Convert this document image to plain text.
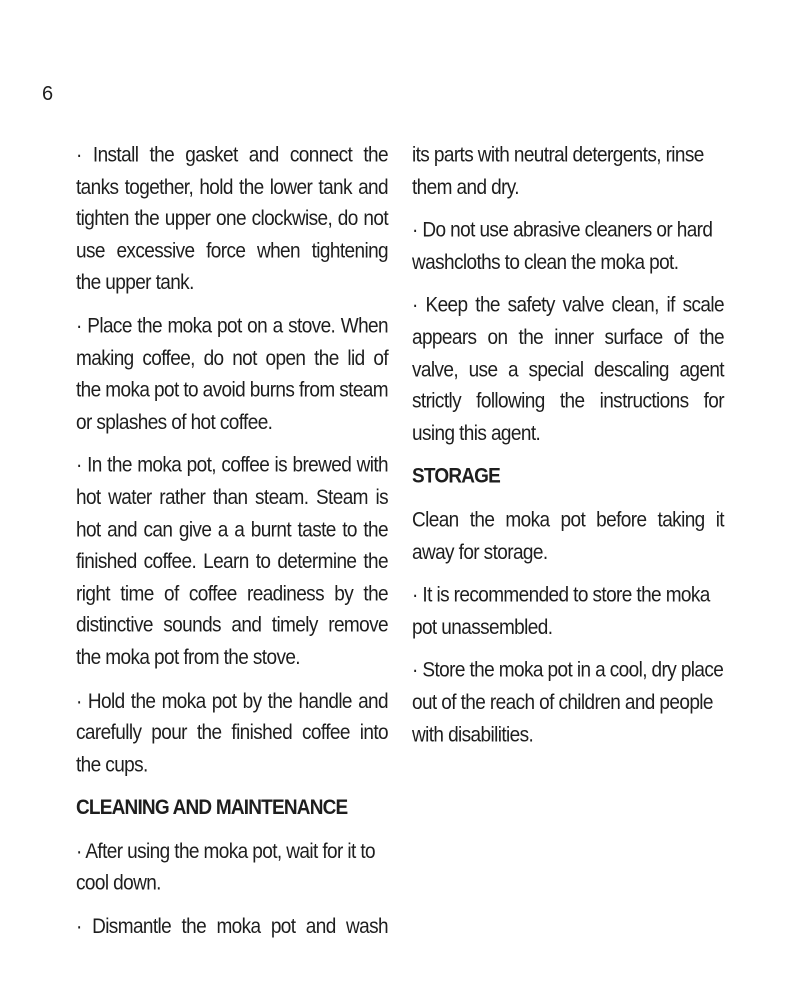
6

· Install the gasket and connect the tanks together, hold the lower tank and tighten the upper one clockwise, do not use excessive force when tightening the upper tank.

· Place the moka pot on a stove. When making coffee, do not open the lid of the moka pot to avoid burns from steam or splashes of hot coffee.

· In the moka pot, coffee is brewed with hot water rather than steam. Steam is hot and can give a a burnt taste to the finished coffee. Learn to determine the right time of coffee readiness by the distinctive sounds and timely remove the moka pot from the stove.

· Hold the moka pot by the handle and carefully pour the finished coffee into the cups.

CLEANING AND MAINTENANCE

· After using the moka pot, wait for it to cool down.

· Dismantle the moka pot and wash

its parts with neutral detergents, rinse them and dry.

· Do not use abrasive cleaners or hard washcloths to clean the moka pot.

· Keep the safety valve clean, if scale appears on the inner surface of the valve, use a special descaling agent strictly following the instructions for using this agent.

STORAGE

Clean the moka pot before taking it away for storage.

· It is recommended to store the moka pot unassembled.

· Store the moka pot in a cool, dry place out of the reach of children and people with disabilities.
